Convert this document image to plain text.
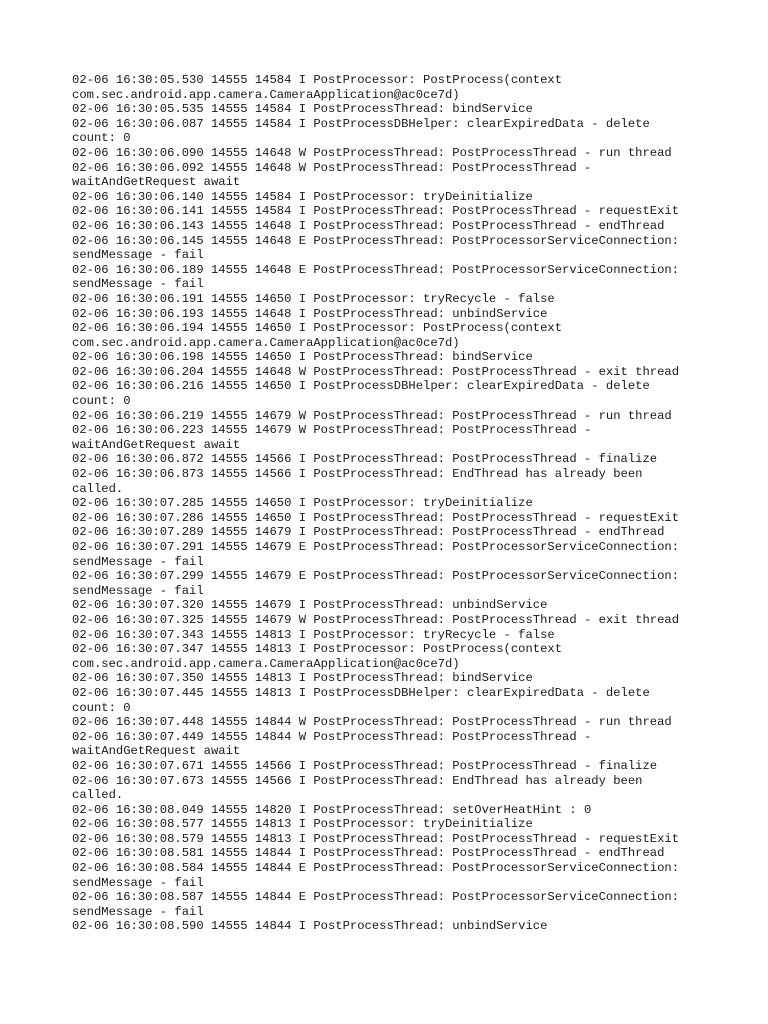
02-06 16:30:05.530 14555 14584 I PostProcessor: PostProcess(context
com.sec.android.app.camera.CameraApplication@ac0ce7d)
02-06 16:30:05.535 14555 14584 I PostProcessThread: bindService
02-06 16:30:06.087 14555 14584 I PostProcessDBHelper: clearExpiredData - delete
count: 0
02-06 16:30:06.090 14555 14648 W PostProcessThread: PostProcessThread - run thread
02-06 16:30:06.092 14555 14648 W PostProcessThread: PostProcessThread -
waitAndGetRequest await
02-06 16:30:06.140 14555 14584 I PostProcessor: tryDeinitialize
02-06 16:30:06.141 14555 14584 I PostProcessThread: PostProcessThread - requestExit
02-06 16:30:06.143 14555 14648 I PostProcessThread: PostProcessThread - endThread
02-06 16:30:06.145 14555 14648 E PostProcessThread: PostProcessorServiceConnection:
sendMessage - fail
02-06 16:30:06.189 14555 14648 E PostProcessThread: PostProcessorServiceConnection:
sendMessage - fail
02-06 16:30:06.191 14555 14650 I PostProcessor: tryRecycle - false
02-06 16:30:06.193 14555 14648 I PostProcessThread: unbindService
02-06 16:30:06.194 14555 14650 I PostProcessor: PostProcess(context
com.sec.android.app.camera.CameraApplication@ac0ce7d)
02-06 16:30:06.198 14555 14650 I PostProcessThread: bindService
02-06 16:30:06.204 14555 14648 W PostProcessThread: PostProcessThread - exit thread
02-06 16:30:06.216 14555 14650 I PostProcessDBHelper: clearExpiredData - delete
count: 0
02-06 16:30:06.219 14555 14679 W PostProcessThread: PostProcessThread - run thread
02-06 16:30:06.223 14555 14679 W PostProcessThread: PostProcessThread -
waitAndGetRequest await
02-06 16:30:06.872 14555 14566 I PostProcessThread: PostProcessThread - finalize
02-06 16:30:06.873 14555 14566 I PostProcessThread: EndThread has already been
called.
02-06 16:30:07.285 14555 14650 I PostProcessor: tryDeinitialize
02-06 16:30:07.286 14555 14650 I PostProcessThread: PostProcessThread - requestExit
02-06 16:30:07.289 14555 14679 I PostProcessThread: PostProcessThread - endThread
02-06 16:30:07.291 14555 14679 E PostProcessThread: PostProcessorServiceConnection:
sendMessage - fail
02-06 16:30:07.299 14555 14679 E PostProcessThread: PostProcessorServiceConnection:
sendMessage - fail
02-06 16:30:07.320 14555 14679 I PostProcessThread: unbindService
02-06 16:30:07.325 14555 14679 W PostProcessThread: PostProcessThread - exit thread
02-06 16:30:07.343 14555 14813 I PostProcessor: tryRecycle - false
02-06 16:30:07.347 14555 14813 I PostProcessor: PostProcess(context
com.sec.android.app.camera.CameraApplication@ac0ce7d)
02-06 16:30:07.350 14555 14813 I PostProcessThread: bindService
02-06 16:30:07.445 14555 14813 I PostProcessDBHelper: clearExpiredData - delete
count: 0
02-06 16:30:07.448 14555 14844 W PostProcessThread: PostProcessThread - run thread
02-06 16:30:07.449 14555 14844 W PostProcessThread: PostProcessThread -
waitAndGetRequest await
02-06 16:30:07.671 14555 14566 I PostProcessThread: PostProcessThread - finalize
02-06 16:30:07.673 14555 14566 I PostProcessThread: EndThread has already been
called.
02-06 16:30:08.049 14555 14820 I PostProcessThread: setOverHeatHint : 0
02-06 16:30:08.577 14555 14813 I PostProcessor: tryDeinitialize
02-06 16:30:08.579 14555 14813 I PostProcessThread: PostProcessThread - requestExit
02-06 16:30:08.581 14555 14844 I PostProcessThread: PostProcessThread - endThread
02-06 16:30:08.584 14555 14844 E PostProcessThread: PostProcessorServiceConnection:
sendMessage - fail
02-06 16:30:08.587 14555 14844 E PostProcessThread: PostProcessorServiceConnection:
sendMessage - fail
02-06 16:30:08.590 14555 14844 I PostProcessThread: unbindService
